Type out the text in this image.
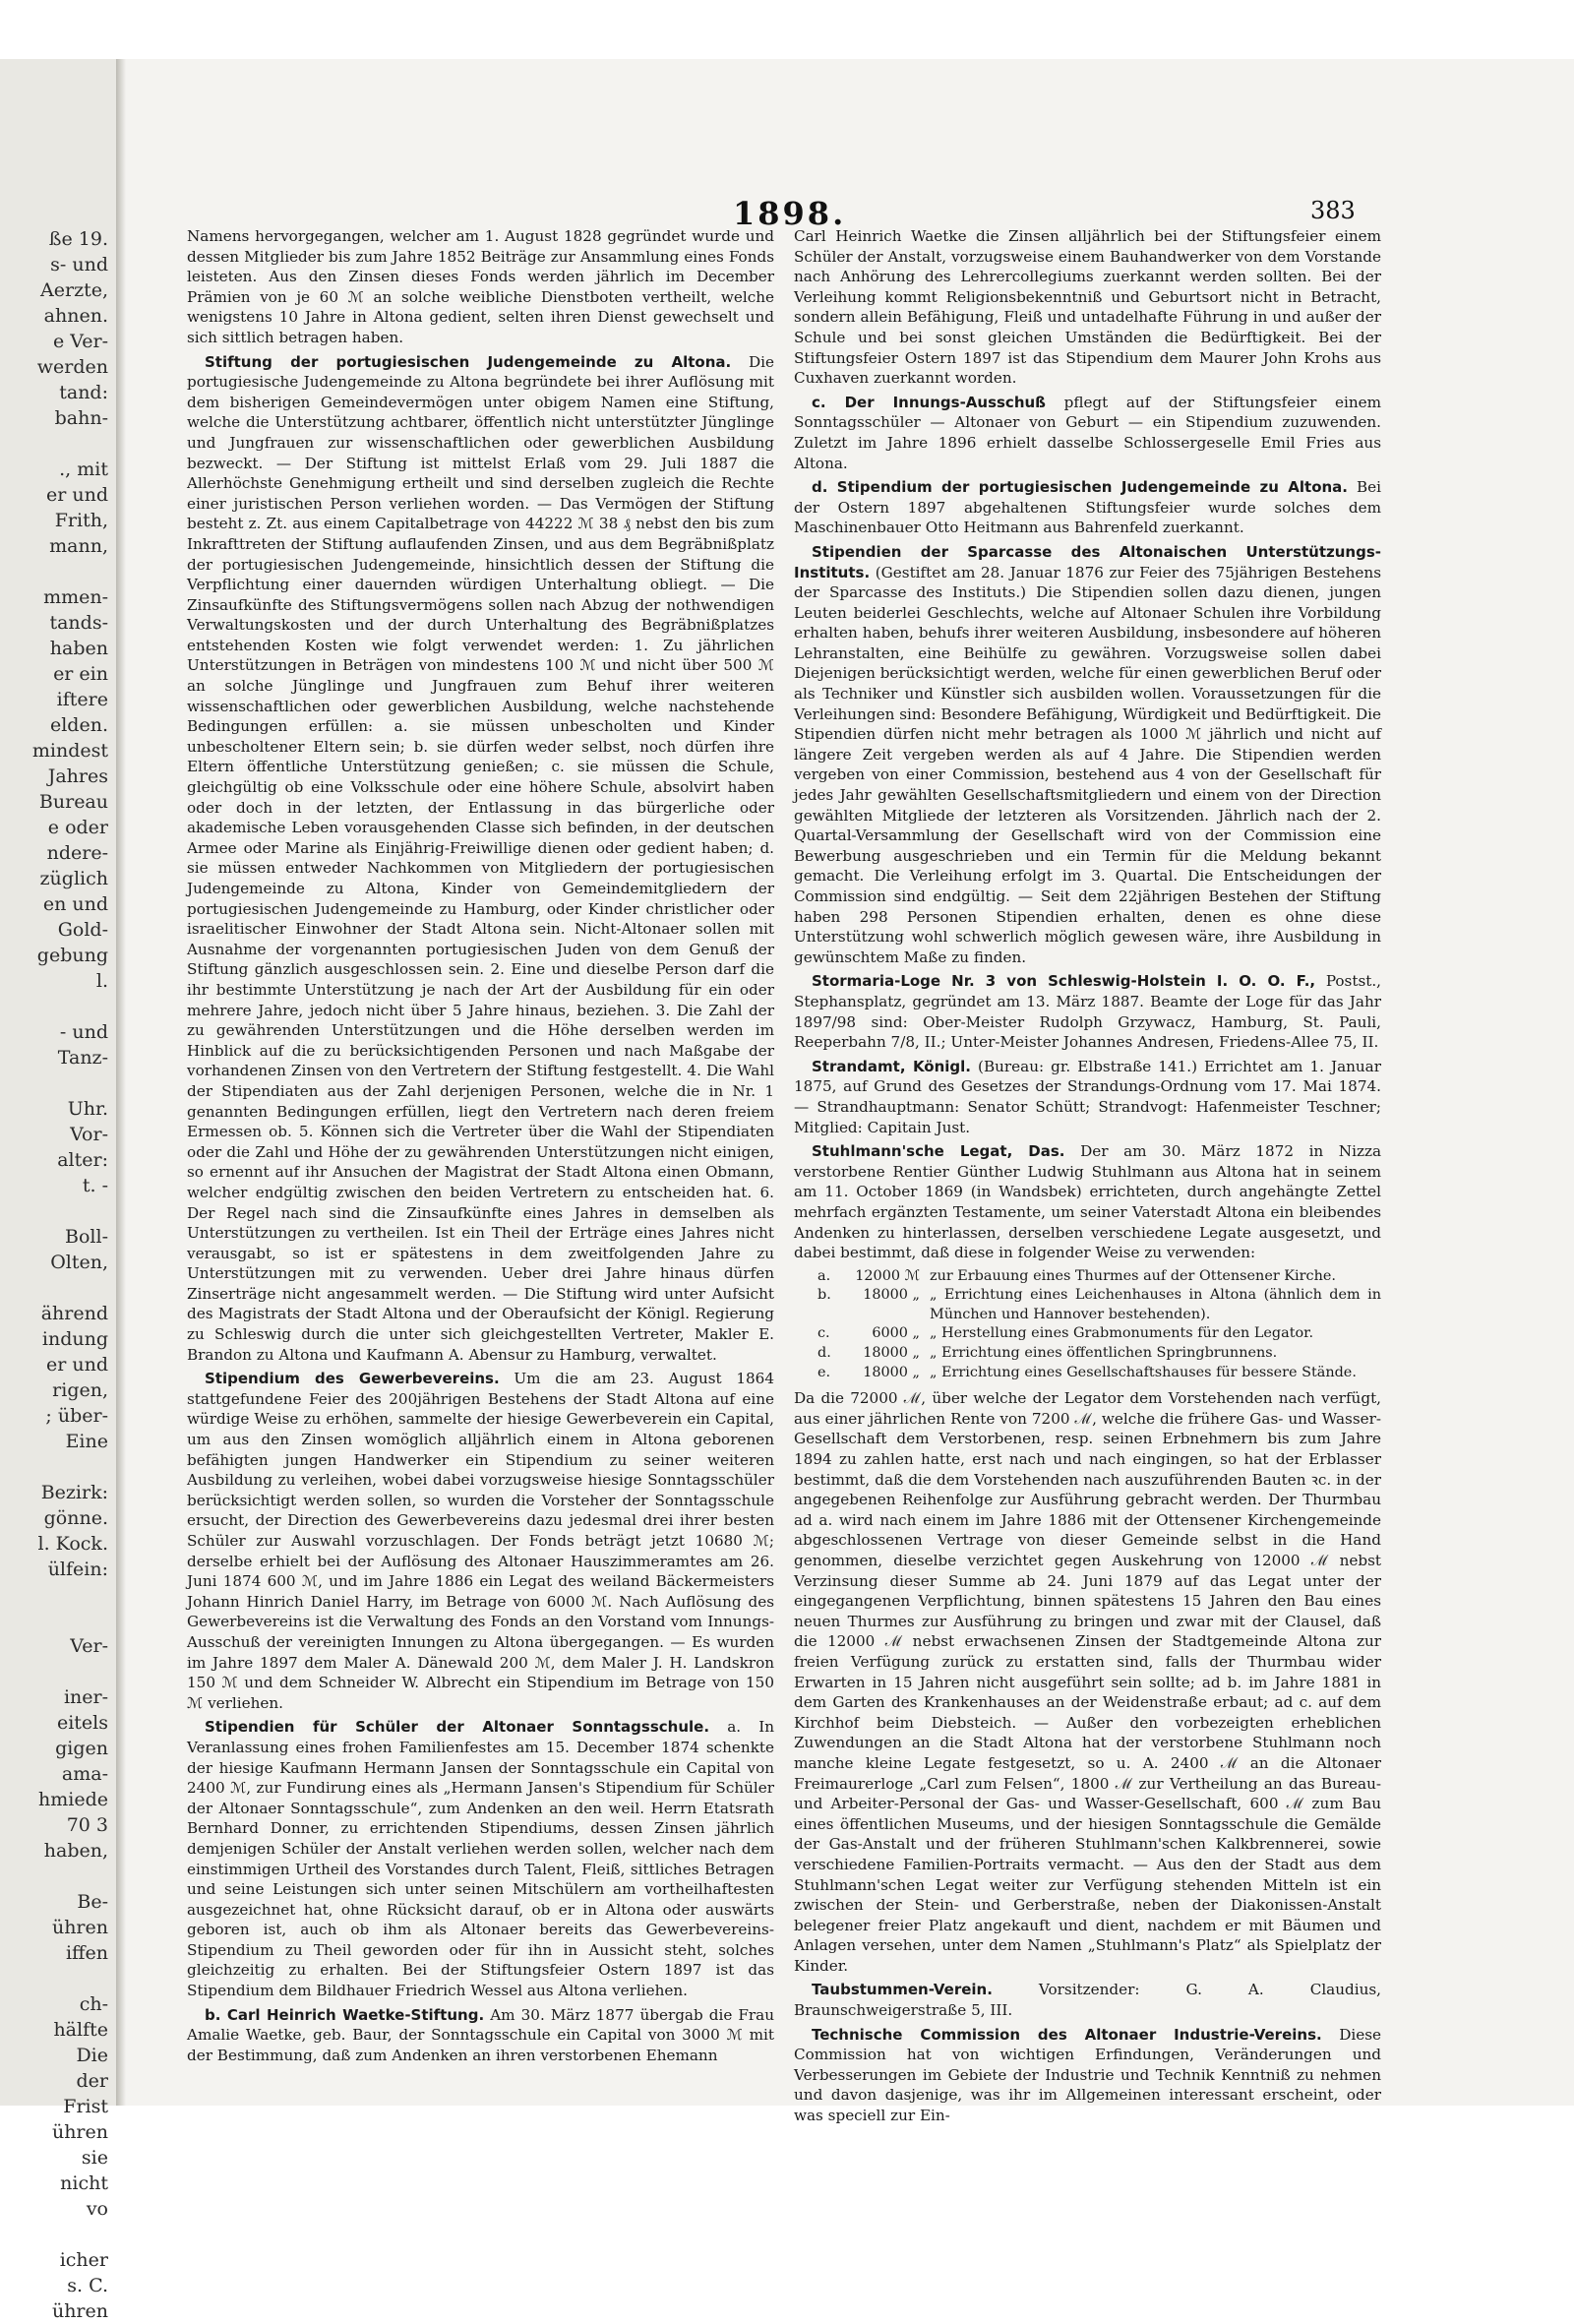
ße 19.
s- und
Aerzte,
ahnen.
e Ver-
werden
tand:
bahn-
., mit
er und
Frith,
mann,
mmen-
tands-
haben
er ein
iftere
elden.
mindest
Jahres
Bureau
e oder
ndere-
züglich
en und
Gold-
gebung
l.
- und
Tanz-
Uhr.
Vor-
alter:
t. -
Boll-
Olten,
ährend
indung
er und
rigen,
; über-
Eine
Bezirk:
gönne.
l. Kock.
ülfein:
Ver-
iner-
eitels
gigen
ama-
hmiede
70 3
haben,
Be-
ühren
iffen
ch-
hälfte
Die
der
Frist
ühren
sie
nicht
vo
icher
s. C.
ühren
1898.	383

Namens hervorgegangen, welcher am 1. August 1828 gegründet wurde und dessen Mitglieder bis zum Jahre 1852 Beiträge zur Ansammlung eines Fonds leisteten. Aus den Zinsen dieses Fonds werden jährlich im December Prämien von je 60 ℳ an solche weibliche Dienstboten vertheilt, welche wenigstens 10 Jahre in Altona gedient, selten ihren Dienst gewechselt und sich sittlich betragen haben.

Stiftung der portugiesischen Judengemeinde zu Altona. Die portugiesische Judengemeinde zu Altona begründete bei ihrer Auflösung mit dem bisherigen Gemeindevermögen unter obigem Namen eine Stiftung, welche die Unterstützung achtbarer, öffentlich nicht unterstützter Jünglinge und Jungfrauen zur wissenschaftlichen oder gewerblichen Ausbildung bezweckt. — Der Stiftung ist mittelst Erlaß vom 29. Juli 1887 die Allerhöchste Genehmigung ertheilt und sind derselben zugleich die Rechte einer juristischen Person verliehen worden. — Das Vermögen der Stiftung besteht z. Zt. aus einem Capitalbetrage von 44222 ℳ 38 ₰ nebst den bis zum Inkrafttreten der Stiftung auflaufenden Zinsen, und aus dem Begräbnißplatz der portugiesischen Judengemeinde, hinsichtlich dessen der Stiftung die Verpflichtung einer dauernden würdigen Unterhaltung obliegt. — Die Zinsaufkünfte des Stiftungsvermögens sollen nach Abzug der nothwendigen Verwaltungskosten und der durch Unterhaltung des Begräbnißplatzes entstehenden Kosten wie folgt verwendet werden: 1. Zu jährlichen Unterstützungen in Beträgen von mindestens 100 ℳ und nicht über 500 ℳ an solche Jünglinge und Jungfrauen zum Behuf ihrer weiteren wissenschaftlichen oder gewerblichen Ausbildung, welche nachstehende Bedingungen erfüllen: a. sie müssen unbescholten und Kinder unbescholtener Eltern sein; b. sie dürfen weder selbst, noch dürfen ihre Eltern öffentliche Unterstützung genießen; c. sie müssen die Schule, gleichgültig ob eine Volksschule oder eine höhere Schule, absolvirt haben oder doch in der letzten, der Entlassung in das bürgerliche oder akademische Leben vorausgehenden Classe sich befinden, in der deutschen Armee oder Marine als Einjährig-Freiwillige dienen oder gedient haben; d. sie müssen entweder Nachkommen von Mitgliedern der portugiesischen Judengemeinde zu Altona, Kinder von Gemeindemitgliedern der portugiesischen Judengemeinde zu Hamburg, oder Kinder christlicher oder israelitischer Einwohner der Stadt Altona sein. Nicht-Altonaer sollen mit Ausnahme der vorgenannten portugiesischen Juden von dem Genuß der Stiftung gänzlich ausgeschlossen sein. 2. Eine und dieselbe Person darf die ihr bestimmte Unterstützung je nach der Art der Ausbildung für ein oder mehrere Jahre, jedoch nicht über 5 Jahre hinaus, beziehen. 3. Die Zahl der zu gewährenden Unterstützungen und die Höhe derselben werden im Hinblick auf die zu berücksichtigenden Personen und nach Maßgabe der vorhandenen Zinsen von den Vertretern der Stiftung festgestellt. 4. Die Wahl der Stipendiaten aus der Zahl derjenigen Personen, welche die in Nr. 1 genannten Bedingungen erfüllen, liegt den Vertretern nach deren freiem Ermessen ob. 5. Können sich die Vertreter über die Wahl der Stipendiaten oder die Zahl und Höhe der zu gewährenden Unterstützungen nicht einigen, so ernennt auf ihr Ansuchen der Magistrat der Stadt Altona einen Obmann, welcher endgültig zwischen den beiden Vertretern zu entscheiden hat. 6. Der Regel nach sind die Zinsaufkünfte eines Jahres in demselben als Unterstützungen zu vertheilen. Ist ein Theil der Erträge eines Jahres nicht verausgabt, so ist er spätestens in dem zweitfolgenden Jahre zu Unterstützungen mit zu verwenden. Ueber drei Jahre hinaus dürfen Zinserträge nicht angesammelt werden. — Die Stiftung wird unter Aufsicht des Magistrats der Stadt Altona und der Oberaufsicht der Königl. Regierung zu Schleswig durch die unter sich gleichgestellten Vertreter, Makler E. Brandon zu Altona und Kaufmann A. Abensur zu Hamburg, verwaltet.

Stipendium des Gewerbevereins. Um die am 23. August 1864 stattgefundene Feier des 200jährigen Bestehens der Stadt Altona auf eine würdige Weise zu erhöhen, sammelte der hiesige Gewerbeverein ein Capital, um aus den Zinsen womöglich alljährlich einem in Altona geborenen befähigten jungen Handwerker ein Stipendium zu seiner weiteren Ausbildung zu verleihen, wobei dabei vorzugsweise hiesige Sonntagsschüler berücksichtigt werden sollen, so wurden die Vorsteher der Sonntagsschule ersucht, der Direction des Gewerbevereins dazu jedesmal drei ihrer besten Schüler zur Auswahl vorzuschlagen. Der Fonds beträgt jetzt 10680 ℳ; derselbe erhielt bei der Auflösung des Altonaer Hauszimmeramtes am 26. Juni 1874 600 ℳ, und im Jahre 1886 ein Legat des weiland Bäckermeisters Johann Hinrich Daniel Harry, im Betrage von 6000 ℳ. Nach Auflösung des Gewerbevereins ist die Verwaltung des Fonds an den Vorstand vom Innungs-Ausschuß der vereinigten Innungen zu Altona übergegangen. — Es wurden im Jahre 1897 dem Maler A. Dänewald 200 ℳ, dem Maler J. H. Landskron 150 ℳ und dem Schneider W. Albrecht ein Stipendium im Betrage von 150 ℳ verliehen.

Stipendien für Schüler der Altonaer Sonntagsschule. a. In Veranlassung eines frohen Familienfestes am 15. December 1874 schenkte der hiesige Kaufmann Hermann Jansen der Sonntagsschule ein Capital von 2400 ℳ, zur Fundirung eines als „Hermann Jansen's Stipendium für Schüler der Altonaer Sonntagsschule“, zum Andenken an den weil. Herrn Etatsrath Bernhard Donner, zu errichtenden Stipendiums, dessen Zinsen jährlich demjenigen Schüler der Anstalt verliehen werden sollen, welcher nach dem einstimmigen Urtheil des Vorstandes durch Talent, Fleiß, sittliches Betragen und seine Leistungen sich unter seinen Mitschülern am vortheilhaftesten ausgezeichnet hat, ohne Rücksicht darauf, ob er in Altona oder auswärts geboren ist, auch ob ihm als Altonaer bereits das Gewerbevereins-Stipendium zu Theil geworden oder für ihn in Aussicht steht, solches gleichzeitig zu erhalten. Bei der Stiftungsfeier Ostern 1897 ist das Stipendium dem Bildhauer Friedrich Wessel aus Altona verliehen.

b. Carl Heinrich Waetke-Stiftung. Am 30. März 1877 übergab die Frau Amalie Waetke, geb. Baur, der Sonntagsschule ein Capital von 3000 ℳ mit der Bestimmung, daß zum Andenken an ihren verstorbenen Ehemann

Carl Heinrich Waetke die Zinsen alljährlich bei der Stiftungsfeier einem Schüler der Anstalt, vorzugsweise einem Bauhandwerker von dem Vorstande nach Anhörung des Lehrercollegiums zuerkannt werden sollten. Bei der Verleihung kommt Religionsbekenntniß und Geburtsort nicht in Betracht, sondern allein Befähigung, Fleiß und untadelhafte Führung in und außer der Schule und bei sonst gleichen Umständen die Bedürftigkeit. Bei der Stiftungsfeier Ostern 1897 ist das Stipendium dem Maurer John Krohs aus Cuxhaven zuerkannt worden.

c. Der Innungs-Ausschuß pflegt auf der Stiftungsfeier einem Sonntagsschüler — Altonaer von Geburt — ein Stipendium zuzuwenden. Zuletzt im Jahre 1896 erhielt dasselbe Schlossergeselle Emil Fries aus Altona.

d. Stipendium der portugiesischen Judengemeinde zu Altona. Bei der Ostern 1897 abgehaltenen Stiftungsfeier wurde solches dem Maschinenbauer Otto Heitmann aus Bahrenfeld zuerkannt.

Stipendien der Sparcasse des Altonaischen Unterstützungs-Instituts. (Gestiftet am 28. Januar 1876 zur Feier des 75jährigen Bestehens der Sparcasse des Instituts.) Die Stipendien sollen dazu dienen, jungen Leuten beiderlei Geschlechts, welche auf Altonaer Schulen ihre Vorbildung erhalten haben, behufs ihrer weiteren Ausbildung, insbesondere auf höheren Lehranstalten, eine Beihülfe zu gewähren. Vorzugsweise sollen dabei Diejenigen berücksichtigt werden, welche für einen gewerblichen Beruf oder als Techniker und Künstler sich ausbilden wollen. Voraussetzungen für die Verleihungen sind: Besondere Befähigung, Würdigkeit und Bedürftigkeit. Die Stipendien dürfen nicht mehr betragen als 1000 ℳ jährlich und nicht auf längere Zeit vergeben werden als auf 4 Jahre. Die Stipendien werden vergeben von einer Commission, bestehend aus 4 von der Gesellschaft für jedes Jahr gewählten Gesellschaftsmitgliedern und einem von der Direction gewählten Mitgliede der letzteren als Vorsitzenden. Jährlich nach der 2. Quartal-Versammlung der Gesellschaft wird von der Commission eine Bewerbung ausgeschrieben und ein Termin für die Meldung bekannt gemacht. Die Verleihung erfolgt im 3. Quartal. Die Entscheidungen der Commission sind endgültig. — Seit dem 22jährigen Bestehen der Stiftung haben 298 Personen Stipendien erhalten, denen es ohne diese Unterstützung wohl schwerlich möglich gewesen wäre, ihre Ausbildung in gewünschtem Maße zu finden.

Stormaria-Loge Nr. 3 von Schleswig-Holstein I. O. O. F., Postst., Stephansplatz, gegründet am 13. März 1887. Beamte der Loge für das Jahr 1897/98 sind: Ober-Meister Rudolph Grzywacz, Hamburg, St. Pauli, Reeperbahn 7/8, II.; Unter-Meister Johannes Andresen, Friedens-Allee 75, II.

Strandamt, Königl. (Bureau: gr. Elbstraße 141.) Errichtet am 1. Januar 1875, auf Grund des Gesetzes der Strandungs-Ordnung vom 17. Mai 1874. — Strandhauptmann: Senator Schütt; Strandvogt: Hafenmeister Teschner; Mitglied: Capitain Just.

Stuhlmann'sche Legat, Das. Der am 30. März 1872 in Nizza verstorbene Rentier Günther Ludwig Stuhlmann aus Altona hat in seinem am 11. October 1869 (in Wandsbek) errichteten, durch angehängte Zettel mehrfach ergänzten Testamente, um seiner Vaterstadt Altona ein bleibendes Andenken zu hinterlassen, derselben verschiedene Legate ausgesetzt, und dabei bestimmt, daß diese in folgender Weise zu verwenden:

a.	12000 ℳ zur Erbauung eines Thurmes auf der Ottensener Kirche.
b.	18000 „ „ Errichtung eines Leichenhauses in Altona (ähnlich dem in München und Hannover bestehenden).
c.	6000 „ „ Herstellung eines Grabmonuments für den Legator.
d.	18000 „ „ Errichtung eines öffentlichen Springbrunnens.
e.	18000 „ „ Errichtung eines Gesellschaftshauses für bessere Stände.

Da die 72000 ℳ, über welche der Legator dem Vorstehenden nach verfügt, aus einer jährlichen Rente von 7200 ℳ, welche die frühere Gas- und Wasser-Gesellschaft dem Verstorbenen, resp. seinen Erbnehmern bis zum Jahre 1894 zu zahlen hatte, erst nach und nach eingingen, so hat der Erblasser bestimmt, daß die dem Vorstehenden nach auszuführenden Bauten ꝛc. in der angegebenen Reihenfolge zur Ausführung gebracht werden. Der Thurmbau ad a. wird nach einem im Jahre 1886 mit der Ottensener Kirchengemeinde abgeschlossenen Vertrage von dieser Gemeinde selbst in die Hand genommen, dieselbe verzichtet gegen Auskehrung von 12000 ℳ nebst Verzinsung dieser Summe ab 24. Juni 1879 auf das Legat unter der eingegangenen Verpflichtung, binnen spätestens 15 Jahren den Bau eines neuen Thurmes zur Ausführung zu bringen und zwar mit der Clausel, daß die 12000 ℳ nebst erwachsenen Zinsen der Stadtgemeinde Altona zur freien Verfügung zurück zu erstatten sind, falls der Thurmbau wider Erwarten in 15 Jahren nicht ausgeführt sein sollte; ad b. im Jahre 1881 in dem Garten des Krankenhauses an der Weidenstraße erbaut; ad c. auf dem Kirchhof beim Diebsteich. — Außer den vorbezeigten erheblichen Zuwendungen an die Stadt Altona hat der verstorbene Stuhlmann noch manche kleine Legate festgesetzt, so u. A. 2400 ℳ an die Altonaer Freimaurerloge „Carl zum Felsen“, 1800 ℳ zur Vertheilung an das Bureau- und Arbeiter-Personal der Gas- und Wasser-Gesellschaft, 600 ℳ zum Bau eines öffentlichen Museums, und der hiesigen Sonntagsschule die Gemälde der Gas-Anstalt und der früheren Stuhlmann'schen Kalkbrennerei, sowie verschiedene Familien-Portraits vermacht. — Aus den der Stadt aus dem Stuhlmann'schen Legat weiter zur Verfügung stehenden Mitteln ist ein zwischen der Stein- und Gerberstraße, neben der Diakonissen-Anstalt belegener freier Platz angekauft und dient, nachdem er mit Bäumen und Anlagen versehen, unter dem Namen „Stuhlmann's Platz“ als Spielplatz der Kinder.

Taubstummen-Verein.	Vorsitzender: G. A. Claudius, Braunschweigerstraße 5, III.

Technische Commission des Altonaer Industrie-Vereins. Diese Commission hat von wichtigen Erfindungen, Veränderungen und Verbesserungen im Gebiete der Industrie und Technik Kenntniß zu nehmen und davon dasjenige, was ihr im Allgemeinen interessant erscheint, oder was speciell zur Ein-
